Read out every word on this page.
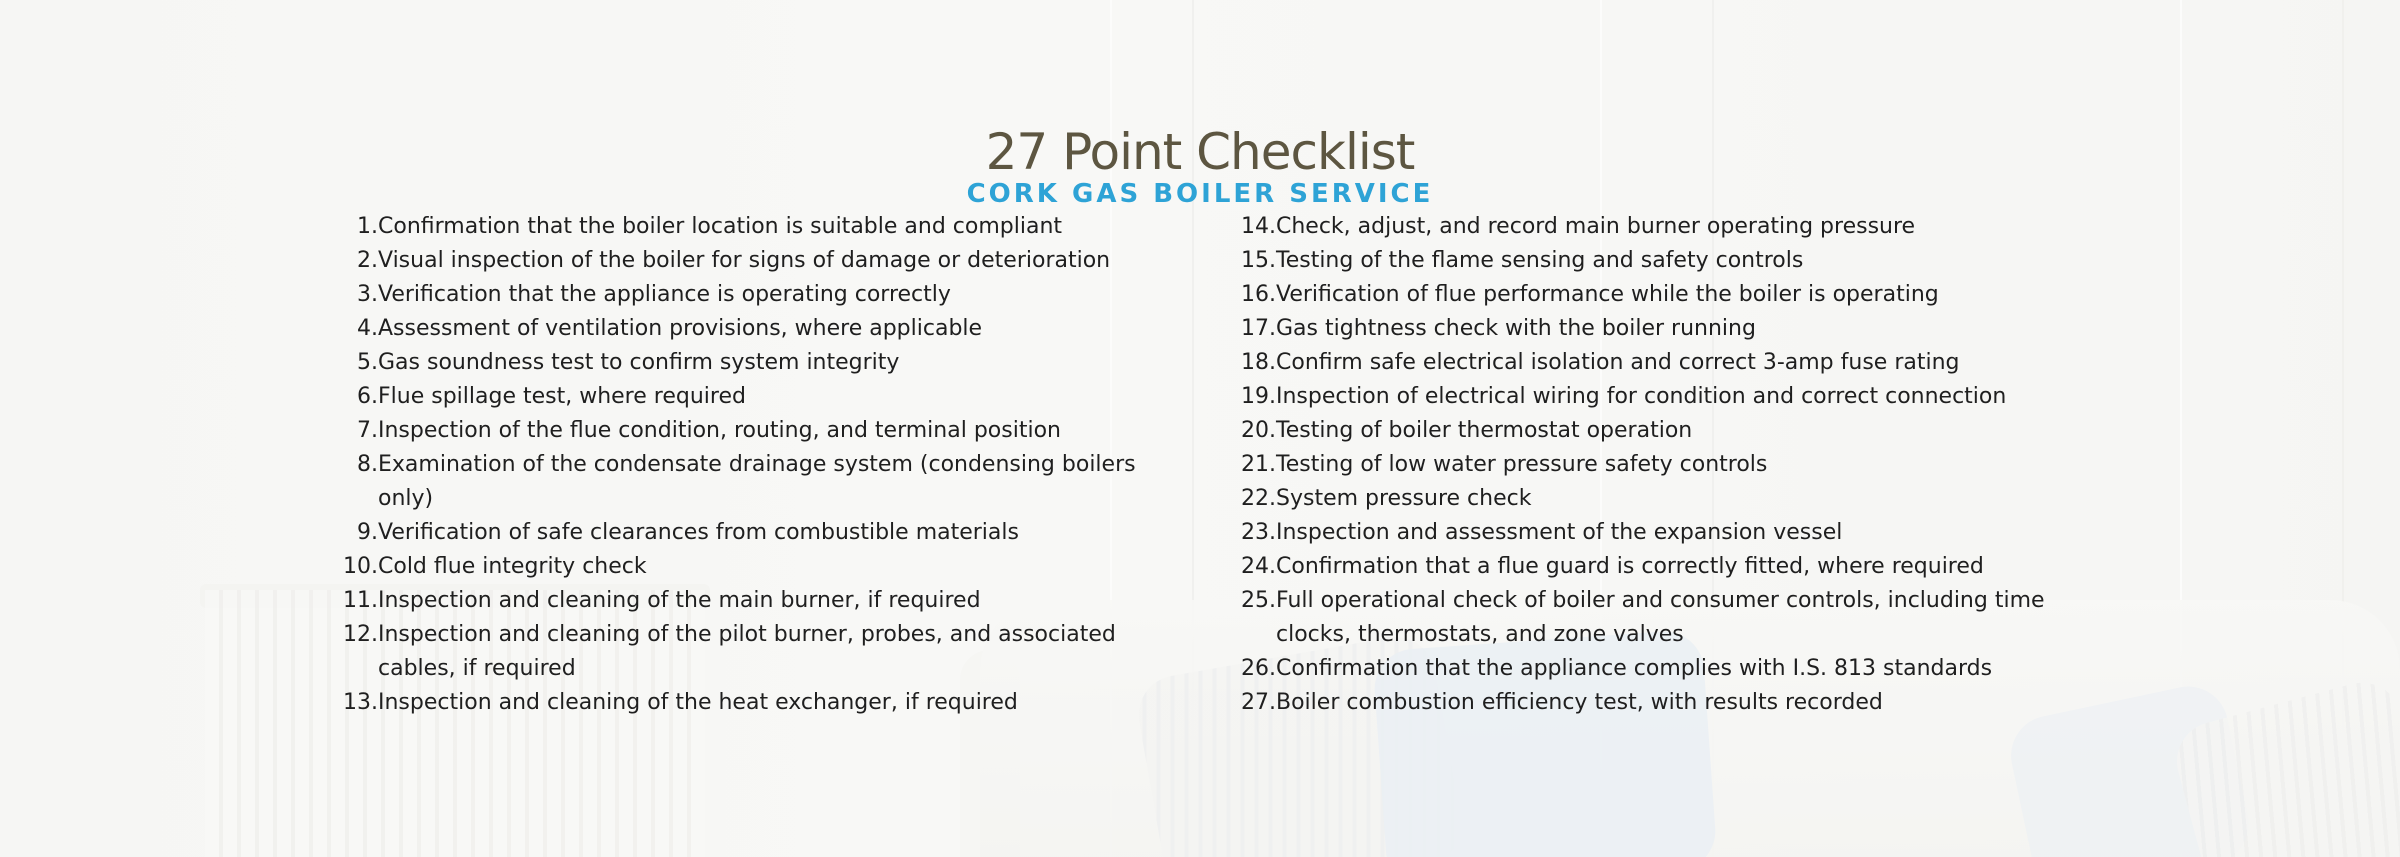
27 Point Checklist
CORK GAS BOILER SERVICE
1. Confirmation that the boiler location is suitable and compliant
2. Visual inspection of the boiler for signs of damage or deterioration
3. Verification that the appliance is operating correctly
4. Assessment of ventilation provisions, where applicable
5. Gas soundness test to confirm system integrity
6. Flue spillage test, where required
7. Inspection of the flue condition, routing, and terminal position
8. Examination of the condensate drainage system (condensing boilers only)
9. Verification of safe clearances from combustible materials
10. Cold flue integrity check
11. Inspection and cleaning of the main burner, if required
12. Inspection and cleaning of the pilot burner, probes, and associated cables, if required
13. Inspection and cleaning of the heat exchanger, if required
14. Check, adjust, and record main burner operating pressure
15. Testing of the flame sensing and safety controls
16. Verification of flue performance while the boiler is operating
17. Gas tightness check with the boiler running
18. Confirm safe electrical isolation and correct 3-amp fuse rating
19. Inspection of electrical wiring for condition and correct connection
20. Testing of boiler thermostat operation
21. Testing of low water pressure safety controls
22. System pressure check
23. Inspection and assessment of the expansion vessel
24. Confirmation that a flue guard is correctly fitted, where required
25. Full operational check of boiler and consumer controls, including time clocks, thermostats, and zone valves
26. Confirmation that the appliance complies with I.S. 813 standards
27. Boiler combustion efficiency test, with results recorded
